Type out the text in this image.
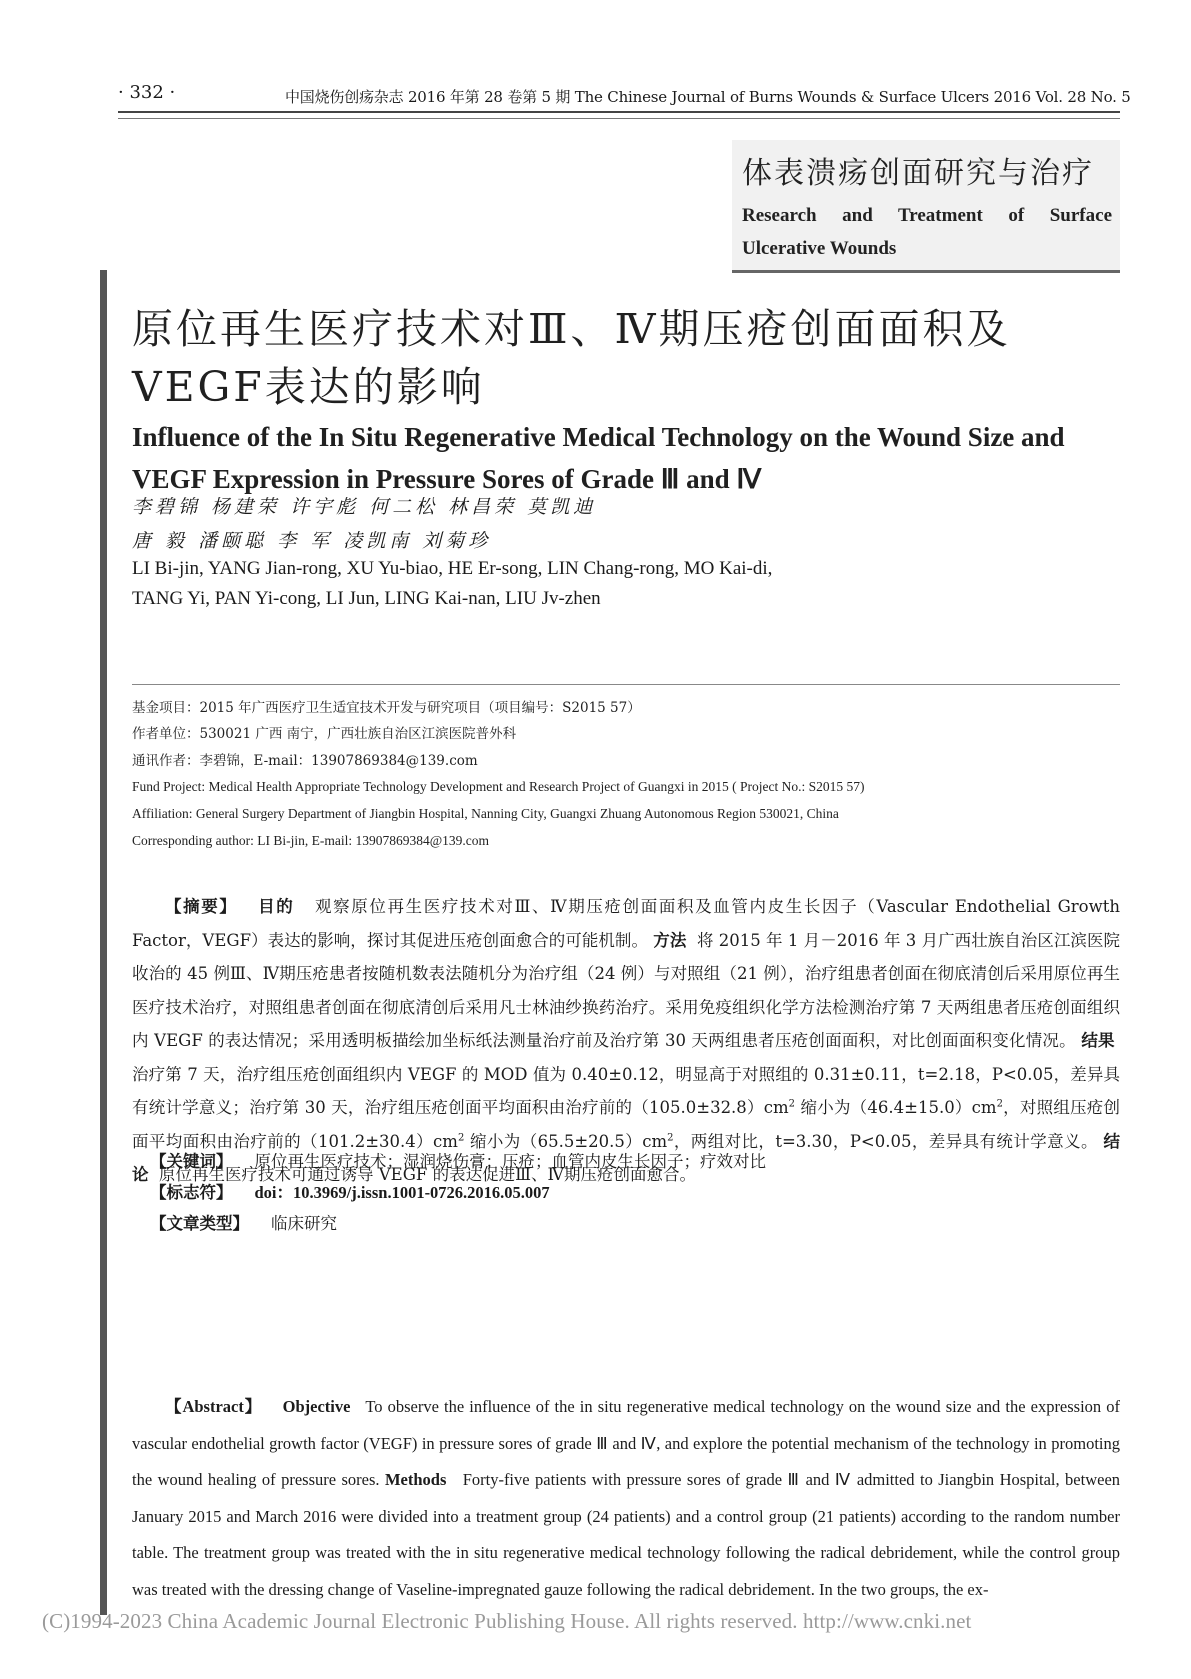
· 332 ·	中国烧伤创疡杂志 2016 年第 28 卷第 5 期 The Chinese Journal of Burns Wounds & Surface Ulcers 2016 Vol. 28 No. 5
体表溃疡创面研究与治疗
Research and Treatment of Surface Ulcerative Wounds
原位再生医疗技术对Ⅲ、Ⅳ期压疮创面面积及VEGF表达的影响
Influence of the In Situ Regenerative Medical Technology on the Wound Size and VEGF Expression in Pressure Sores of Grade Ⅲ and Ⅳ
李碧锦 杨建荣 许宇彪 何二松 林昌荣 莫凯迪
唐 毅 潘颐聪 李 军 凌凯南 刘菊珍
LI Bi-jin, YANG Jian-rong, XU Yu-biao, HE Er-song, LIN Chang-rong, MO Kai-di,
TANG Yi, PAN Yi-cong, LI Jun, LING Kai-nan, LIU Jv-zhen
基金项目：2015 年广西医疗卫生适宜技术开发与研究项目（项目编号：S2015 57）
作者单位：530021 广西 南宁，广西壮族自治区江滨医院普外科
通讯作者：李碧锦，E-mail：13907869384@139.com
Fund Project: Medical Health Appropriate Technology Development and Research Project of Guangxi in 2015 ( Project No.: S2015 57)
Affiliation: General Surgery Department of Jiangbin Hospital, Nanning City, Guangxi Zhuang Autonomous Region 530021, China
Corresponding author: LI Bi-jin, E-mail: 13907869384@139.com
【摘要】 目的 观察原位再生医疗技术对Ⅲ、Ⅳ期压疮创面面积及血管内皮生长因子（Vascular Endothelial Growth Factor，VEGF）表达的影响，探讨其促进压疮创面愈合的可能机制。 方法 将 2015 年 1 月－2016 年 3 月广西壮族自治区江滨医院收治的 45 例Ⅲ、Ⅳ期压疮患者按随机数表法随机分为治疗组（24 例）与对照组（21 例），治疗组患者创面在彻底清创后采用原位再生医疗技术治疗，对照组患者创面在彻底清创后采用凡士林油纱换药治疗。采用免疫组织化学方法检测治疗第 7 天两组患者压疮创面组织内 VEGF 的表达情况；采用透明板描绘加坐标纸法测量治疗前及治疗第 30 天两组患者压疮创面面积，对比创面面积变化情况。 结果  治疗第 7 天，治疗组压疮创面组织内 VEGF 的 MOD 值为 0.40±0.12，明显高于对照组的 0.31±0.11，t=2.18，P<0.05，差异具有统计学意义；治疗第 30 天，治疗组压疮创面平均面积由治疗前的$(105.0\pm 32.8)cm^2$ 缩小为$(46.4\pm 15.0)cm^2$，对照组压疮创面平均面积由治疗前的$(101.2\pm 30.4)cm^2$ 缩小为$(65.5\pm 20.5)cm^2$，两组对比，t=3.30，P<0.05，差异具有统计学意义。 结论 原位再生医疗技术可通过诱导 VEGF 的表达促进Ⅲ、Ⅳ期压疮创面愈合。
【关键词】 原位再生医疗技术；湿润烧伤膏；压疮；血管内皮生长因子；疗效对比
【标志符】 doi：10.3969/j.issn.1001-0726.2016.05.007
【文章类型】 临床研究
【Abstract】 Objective To observe the influence of the in situ regenerative medical technology on the wound size and the expression of vascular endothelial growth factor (VEGF) in pressure sores of grade Ⅲ and Ⅳ, and explore the potential mechanism of the technology in promoting the wound healing of pressure sores. Methods Forty-five patients with pressure sores of grade Ⅲ and Ⅳ admitted to Jiangbin Hospital, between January 2015 and March 2016 were divided into a treatment group (24 patients) and a control group (21 patients) according to the random number table. The treatment group was treated with the in situ regenerative medical technology following the radical debridement, while the control group was treated with the dressing change of Vaseline-impregnated gauze following the radical debridement. In the two groups, the ex-
(C)1994-2023 China Academic Journal Electronic Publishing House. All rights reserved. http://www.cnki.net
